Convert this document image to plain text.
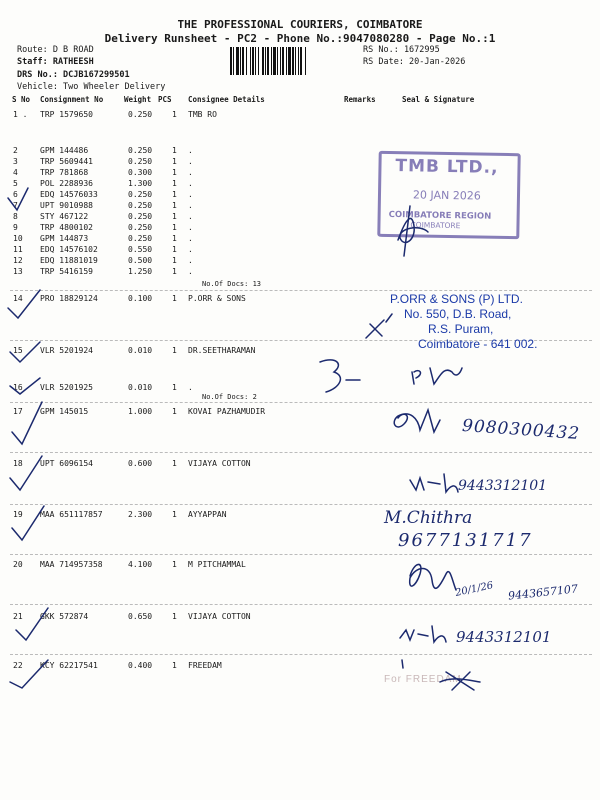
THE PROFESSIONAL COURIERS, COIMBATORE
Delivery Runsheet - PC2 - Phone No.:9047080280 - Page No.:1
Route: D B ROAD
Staff: RATHEESH
DRS No.: DCJB167299501
Vehicle: Two Wheeler Delivery
RS No.: 1672995
RS Date: 20-Jan-2026
S No Consignment No	Weight PCS Consignee Details	Remarks	Seal & Signature
1 . TRP 1579650	0.250 1 TMB RO
2	GPM 144486	0.250 1 .
3	TRP 5609441	0.250 1 .
4	TRP 781868	0.300 1 .
5	POL 2288936	1.300 1 .
6	EDQ 14576033	0.250 1 .
7	UPT 9010988	0.250 1 .
8	STY 467122	0.250 1 .
9	TRP 4800102	0.250 1 .
10 GPM 144873	0.250 1 .
11 EDQ 14576102	0.550 1 .
12 EDQ 11881019	0.500 1 .
13 TRP 5416159	1.250 1 .
No.Of Docs: 13
14 PRO 18829124	0.100 1 P.ORR & SONS
15 VLR 5201924	0.010 1 DR.SEETHARAMAN
16 VLR 5201925	0.010 1 .
No.Of Docs: 2
17 GPM 145015	1.000 1 KOVAI PAZHAMUDIR
18 UPT 6096154	0.600 1 VIJAYA COTTON
19 MAA 651117857	2.300 1 AYYAPPAN
20 MAA 714957358	4.100 1 M PITCHAMMAL
21 GKK 572874	0.650 1 VIJAYA COTTON
22 KCY 62217541	0.400 1 FREEDAM
TMB LTD.,
20 JAN 2026
COIMBATORE REGION
COIMBATORE
P.ORR & SONS (P) LTD.
No. 550, D.B. Road,
R.S. Puram,
Coimbatore - 641 002.
For FREEDAM
9080300432
9443312101
M.Chithra
9677131717
20/1/26 9443657107
9443312101
